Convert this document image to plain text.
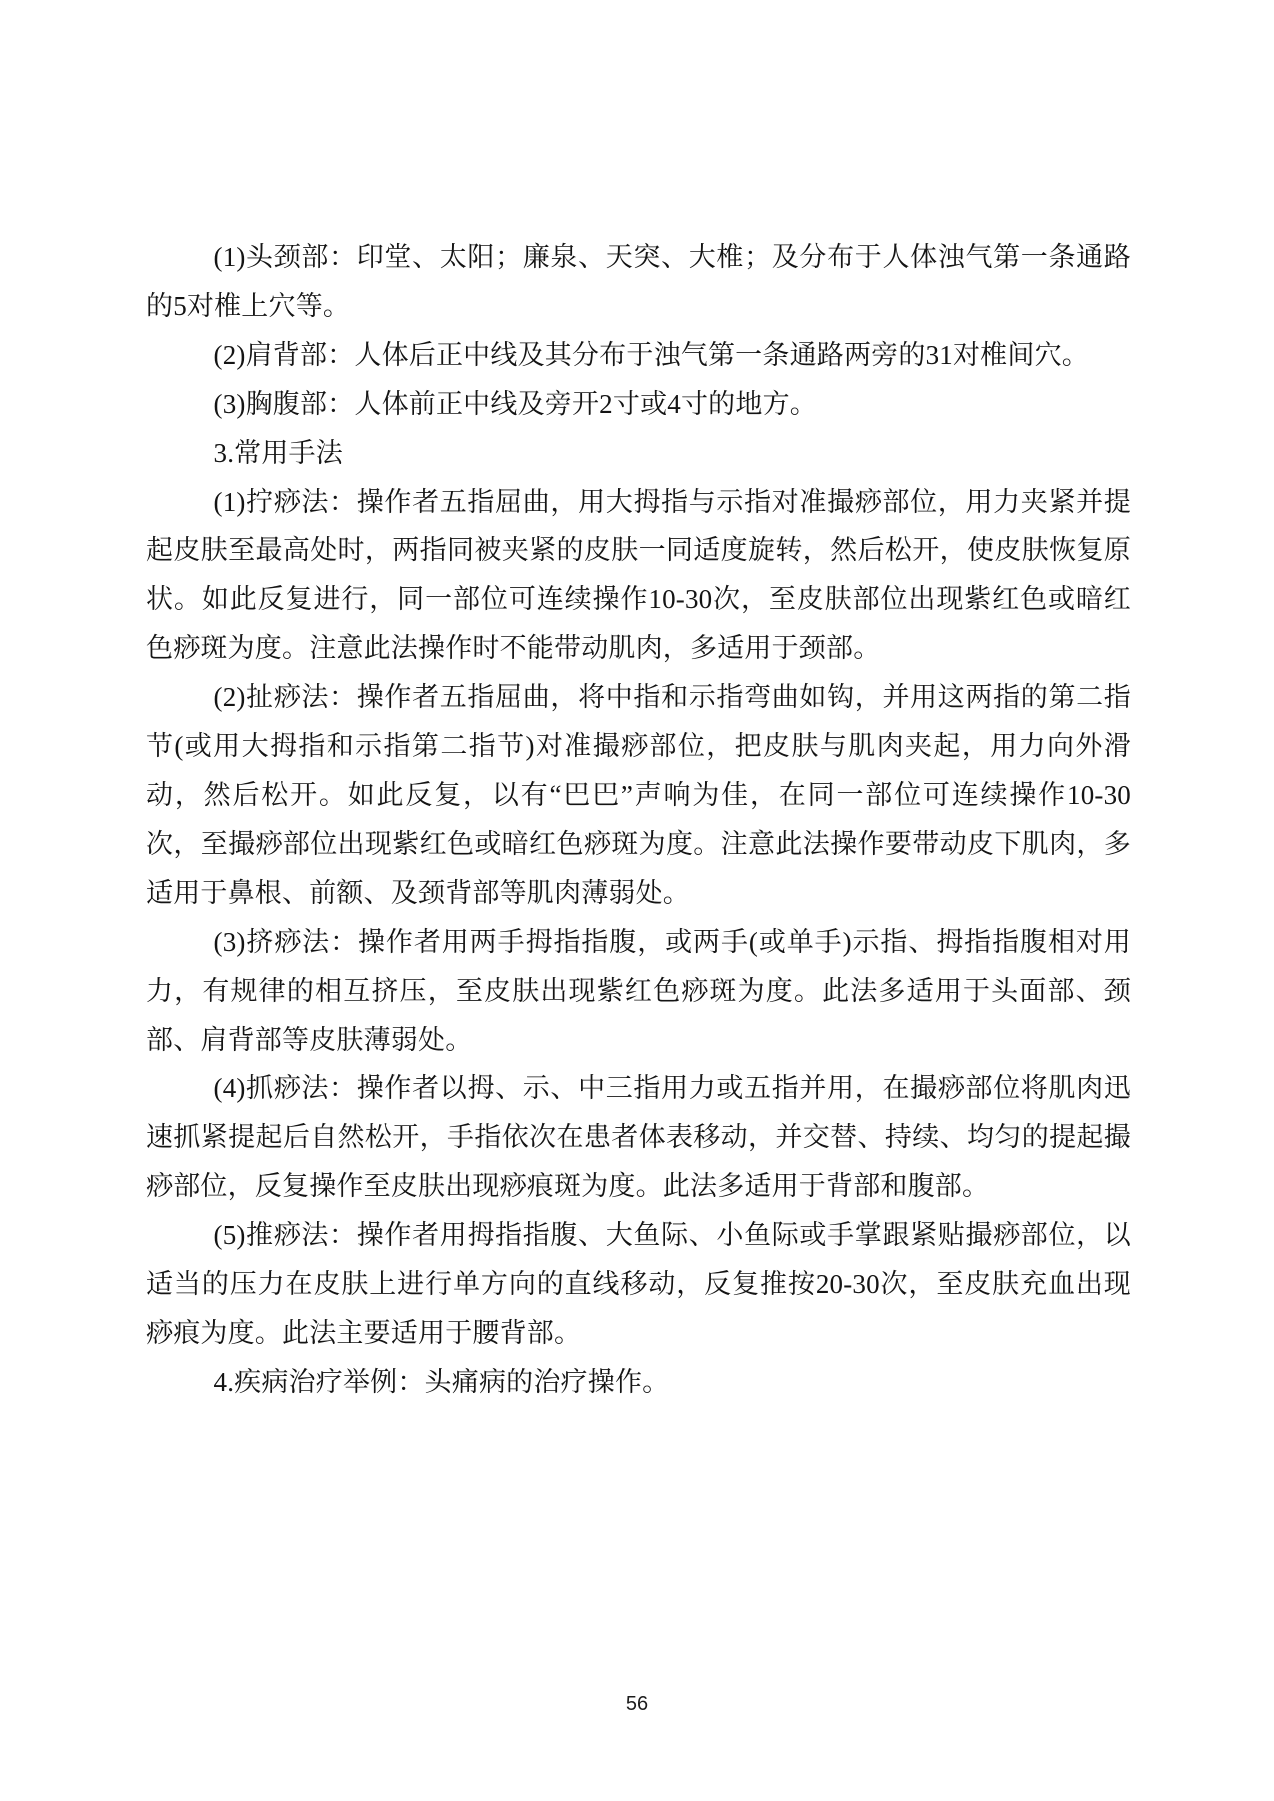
(1)头颈部：印堂、太阳；廉泉、天突、大椎；及分布于人体浊气第一条通路的5对椎上穴等。

(2)肩背部：人体后正中线及其分布于浊气第一条通路两旁的31对椎间穴。

(3)胸腹部：人体前正中线及旁开2寸或4寸的地方。

3.常用手法

(1)拧痧法：操作者五指屈曲，用大拇指与示指对准撮痧部位，用力夹紧并提起皮肤至最高处时，两指同被夹紧的皮肤一同适度旋转，然后松开，使皮肤恢复原状。如此反复进行，同一部位可连续操作10-30次，至皮肤部位出现紫红色或暗红色痧斑为度。注意此法操作时不能带动肌肉，多适用于颈部。

(2)扯痧法：操作者五指屈曲，将中指和示指弯曲如钩，并用这两指的第二指节(或用大拇指和示指第二指节)对准撮痧部位，把皮肤与肌肉夹起，用力向外滑动，然后松开。如此反复，以有“巴巴”声响为佳，在同一部位可连续操作10-30次，至撮痧部位出现紫红色或暗红色痧斑为度。注意此法操作要带动皮下肌肉，多适用于鼻根、前额、及颈背部等肌肉薄弱处。

(3)挤痧法：操作者用两手拇指指腹，或两手(或单手)示指、拇指指腹相对用力，有规律的相互挤压，至皮肤出现紫红色痧斑为度。此法多适用于头面部、颈部、肩背部等皮肤薄弱处。

(4)抓痧法：操作者以拇、示、中三指用力或五指并用，在撮痧部位将肌肉迅速抓紧提起后自然松开，手指依次在患者体表移动，并交替、持续、均匀的提起撮痧部位，反复操作至皮肤出现痧痕斑为度。此法多适用于背部和腹部。

(5)推痧法：操作者用拇指指腹、大鱼际、小鱼际或手掌跟紧贴撮痧部位，以适当的压力在皮肤上进行单方向的直线移动，反复推按20-30次，至皮肤充血出现痧痕为度。此法主要适用于腰背部。

4.疾病治疗举例：头痛病的治疗操作。

56
